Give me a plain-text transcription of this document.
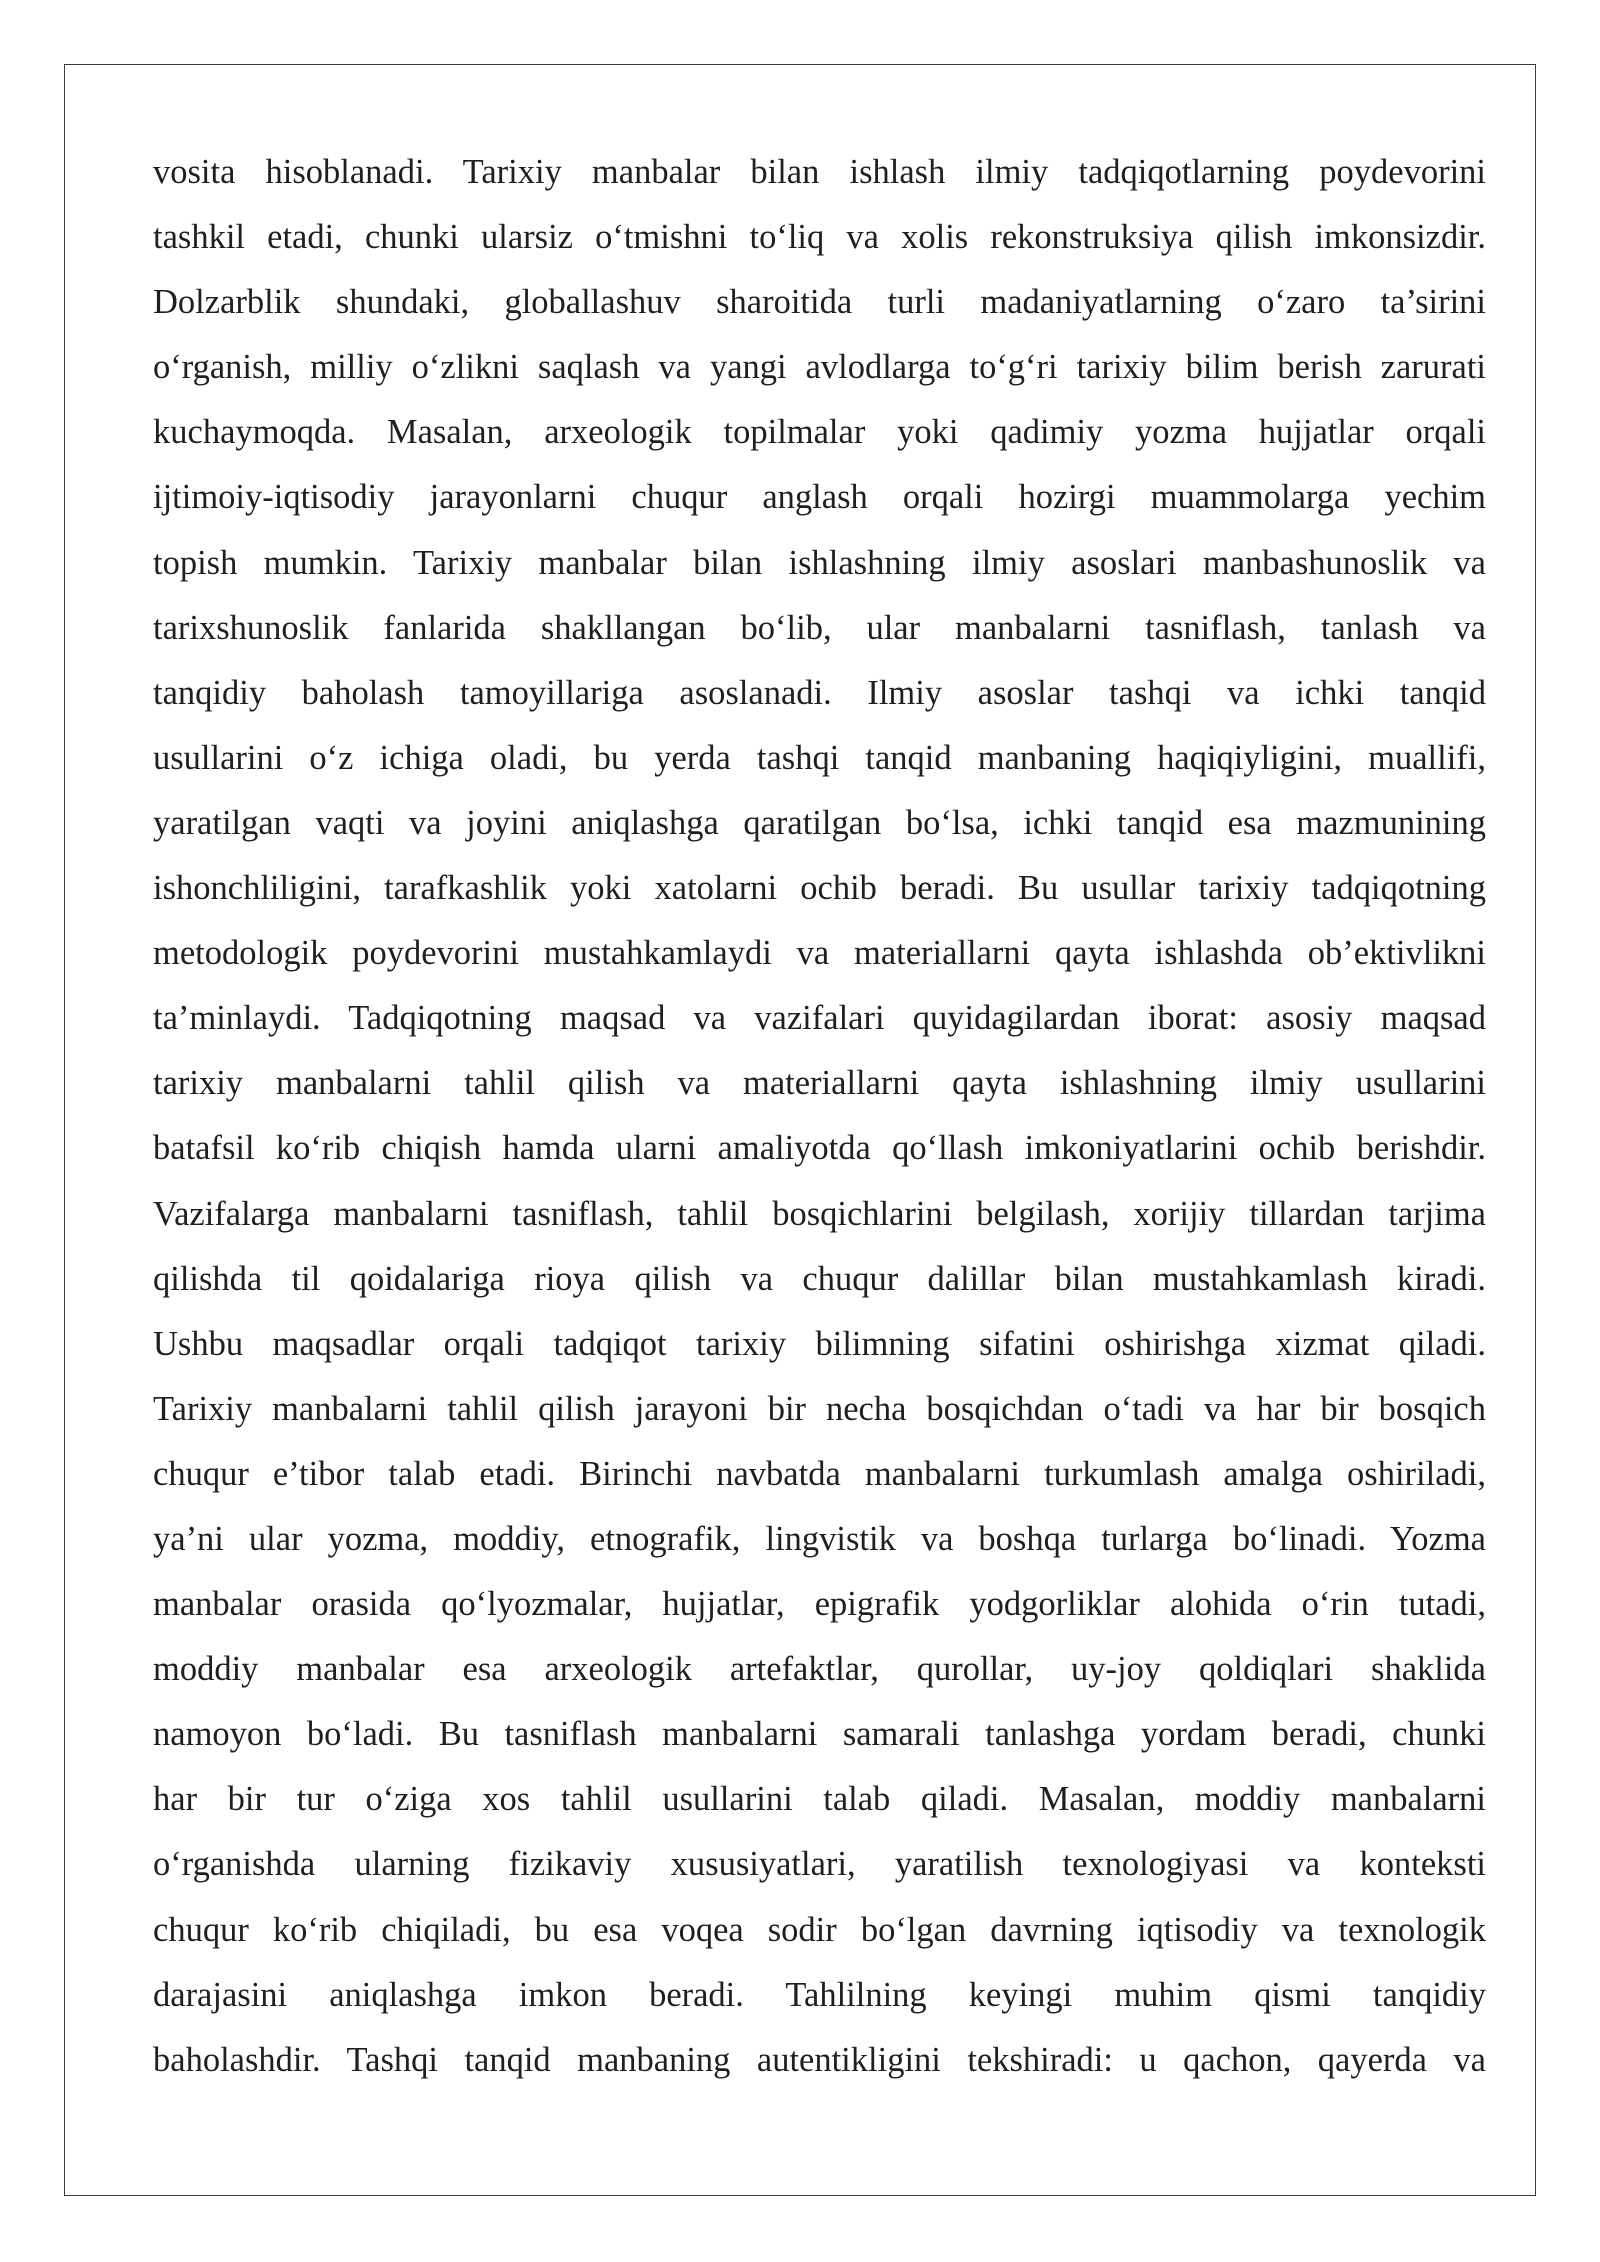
vosita hisoblanadi. Tarixiy manbalar bilan ishlash ilmiy tadqiqotlarning poydevorini
tashkil etadi, chunki ularsiz o‘tmishni to‘liq va xolis rekonstruksiya qilish imkonsizdir.
Dolzarblik shundaki, globallashuv sharoitida turli madaniyatlarning o‘zaro ta’sirini
o‘rganish, milliy o‘zlikni saqlash va yangi avlodlarga to‘g‘ri tarixiy bilim berish zarurati
kuchaymoqda. Masalan, arxeologik topilmalar yoki qadimiy yozma hujjatlar orqali
ijtimoiy-iqtisodiy jarayonlarni chuqur anglash orqali hozirgi muammolarga yechim
topish mumkin. Tarixiy manbalar bilan ishlashning ilmiy asoslari manbashunoslik va
tarixshunoslik fanlarida shakllangan bo‘lib, ular manbalarni tasniflash, tanlash va
tanqidiy baholash tamoyillariga asoslanadi. Ilmiy asoslar tashqi va ichki tanqid
usullarini o‘z ichiga oladi, bu yerda tashqi tanqid manbaning haqiqiyligini, muallifi,
yaratilgan vaqti va joyini aniqlashga qaratilgan bo‘lsa, ichki tanqid esa mazmunining
ishonchliligini, tarafkashlik yoki xatolarni ochib beradi. Bu usullar tarixiy tadqiqotning
metodologik poydevorini mustahkamlaydi va materiallarni qayta ishlashda ob’ektivlikni
ta’minlaydi. Tadqiqotning maqsad va vazifalari quyidagilardan iborat: asosiy maqsad
tarixiy manbalarni tahlil qilish va materiallarni qayta ishlashning ilmiy usullarini
batafsil ko‘rib chiqish hamda ularni amaliyotda qo‘llash imkoniyatlarini ochib berishdir.
Vazifalarga manbalarni tasniflash, tahlil bosqichlarini belgilash, xorijiy tillardan tarjima
qilishda til qoidalariga rioya qilish va chuqur dalillar bilan mustahkamlash kiradi.
Ushbu maqsadlar orqali tadqiqot tarixiy bilimning sifatini oshirishga xizmat qiladi.
Tarixiy manbalarni tahlil qilish jarayoni bir necha bosqichdan o‘tadi va har bir bosqich
chuqur e’tibor talab etadi. Birinchi navbatda manbalarni turkumlash amalga oshiriladi,
ya’ni ular yozma, moddiy, etnografik, lingvistik va boshqa turlarga bo‘linadi. Yozma
manbalar orasida qo‘lyozmalar, hujjatlar, epigrafik yodgorliklar alohida o‘rin tutadi,
moddiy manbalar esa arxeologik artefaktlar, qurollar, uy-joy qoldiqlari shaklida
namoyon bo‘ladi. Bu tasniflash manbalarni samarali tanlashga yordam beradi, chunki
har bir tur o‘ziga xos tahlil usullarini talab qiladi. Masalan, moddiy manbalarni
o‘rganishda ularning fizikaviy xususiyatlari, yaratilish texnologiyasi va konteksti
chuqur ko‘rib chiqiladi, bu esa voqea sodir bo‘lgan davrning iqtisodiy va texnologik
darajasini aniqlashga imkon beradi. Tahlilning keyingi muhim qismi tanqidiy
baholashdir. Tashqi tanqid manbaning autentikligini tekshiradi: u qachon, qayerda va
